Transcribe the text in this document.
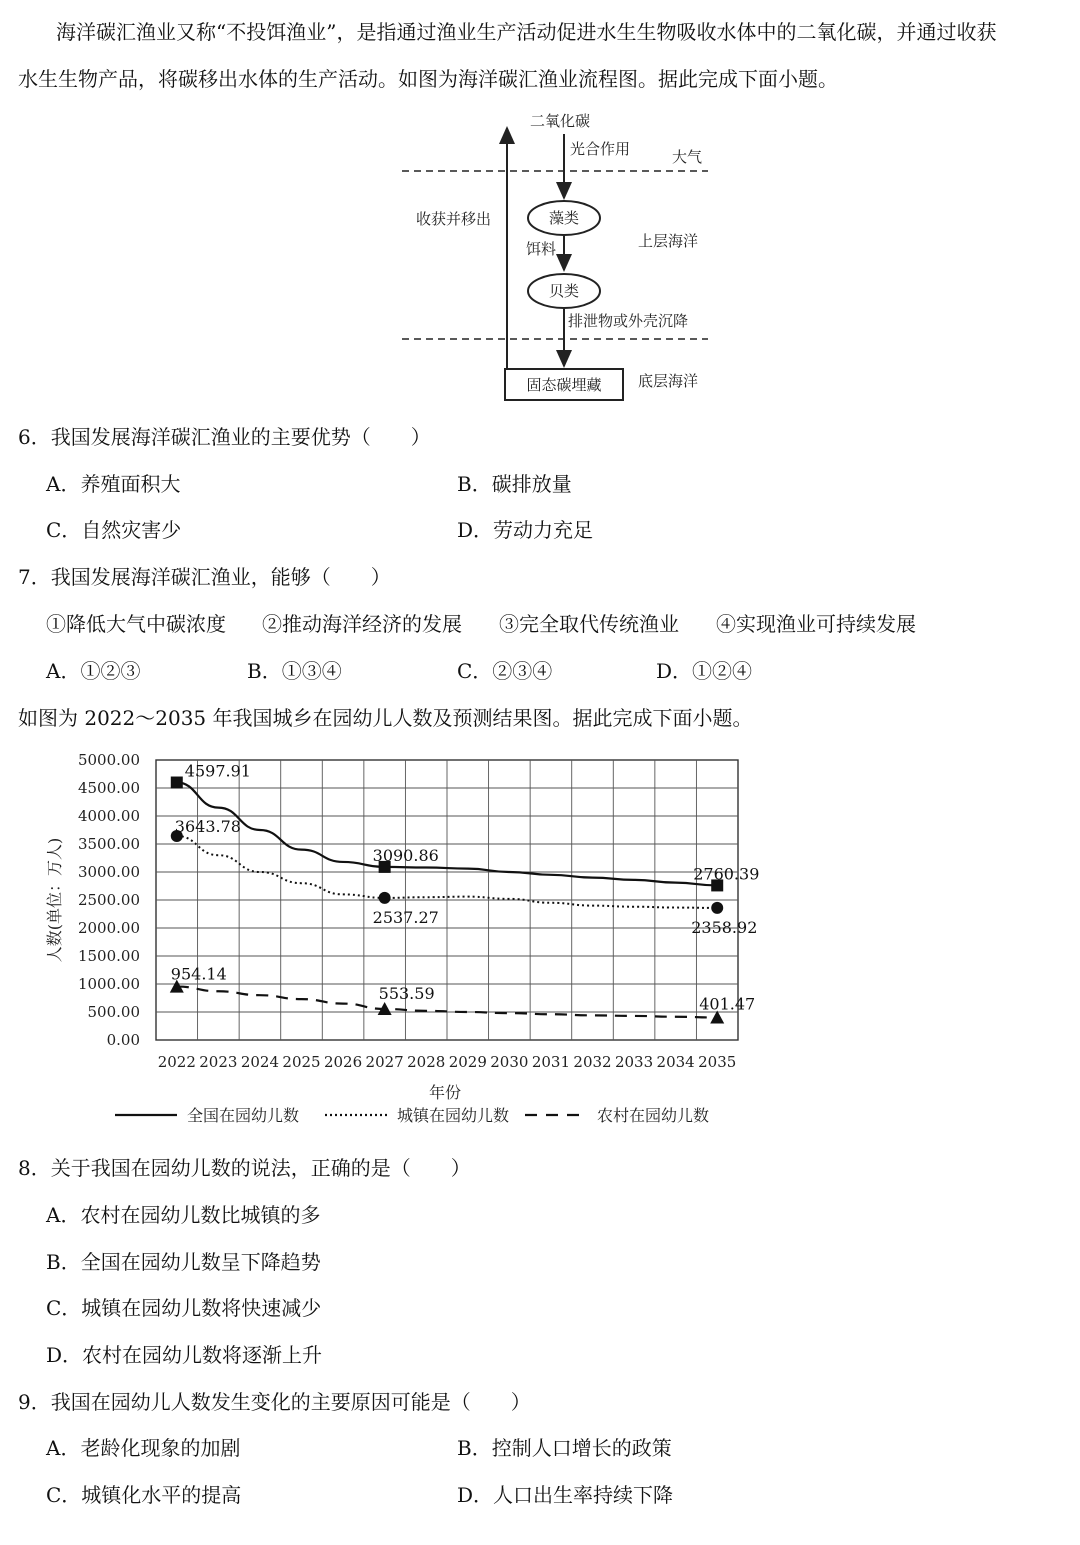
海洋碳汇渔业又称“不投饵渔业”，是指通过渔业生产活动促进水生生物吸收水体中的二氧化碳，并通过收获
水生生物产品，将碳移出水体的生产活动。如图为海洋碳汇渔业流程图。据此完成下面小题。
二氧化碳
光合作用	大气
收获并移出	藻类
饵料	上层海洋
贝类
排泄物或外壳沉降
固态碳埋藏 底层海洋
6．我国发展海洋碳汇渔业的主要优势（　　）
A．养殖面积大	B．碳排放量
C．自然灾害少	D．劳动力充足
7．我国发展海洋碳汇渔业，能够（　　）
①降低大气中碳浓度 ②推动海洋经济的发展 ③完全取代传统渔业 ④实现渔业可持续发展
A．①②③	B．①③④	C．②③④	D．①②④
如图为 2022～2035 年我国城乡在园幼儿人数及预测结果图。据此完成下面小题。
0.00
500.00
1000.00
1500.00
2000.00
2500.00
3000.00
3500.00
4000.00
4500.00
5000.00
2022 2023 2024 2025 2026 2027 2028 2029 2030 2031 2032 2033 2034 2035
4597.91
3090.86
2760.39
3643.78
2537.27
2358.92
954.14
553.59
401.47
人数(单位：万人)
年份
全国在园幼儿数	城镇在园幼儿数	农村在园幼儿数
8．关于我国在园幼儿数的说法，正确的是（　　）
A．农村在园幼儿数比城镇的多
B．全国在园幼儿数呈下降趋势
C．城镇在园幼儿数将快速减少
D．农村在园幼儿数将逐渐上升
9．我国在园幼儿人数发生变化的主要原因可能是（　　）
A．老龄化现象的加剧	B．控制人口增长的政策
C．城镇化水平的提高	D．人口出生率持续下降
